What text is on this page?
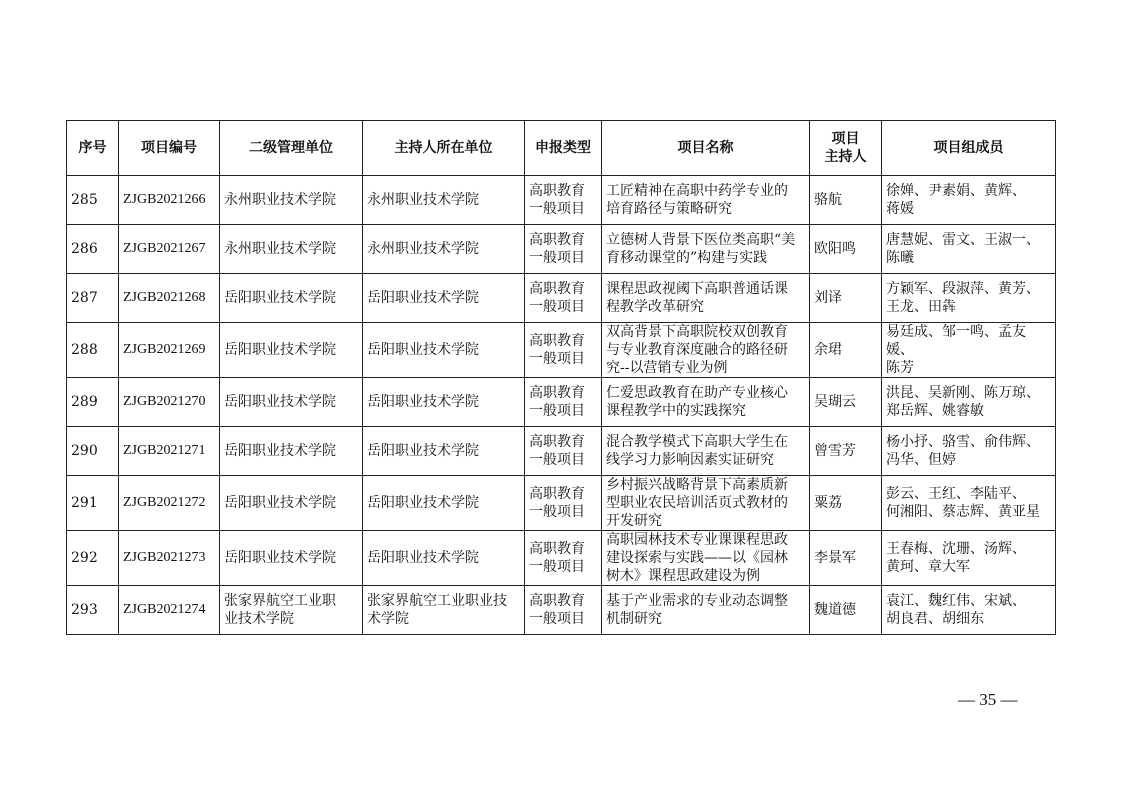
序号	项目编号	二级管理单位	主持人所在单位	申报类型	项目名称	项目
主持人	项目组成员
285	ZJGB2021266	永州职业技术学院	永州职业技术学院	高职教育
一般项目	工匠精神在高职中药学专业的
培育路径与策略研究	骆航	徐婵、尹素娟、黄辉、
蒋媛
286	ZJGB2021267	永州职业技术学院	永州职业技术学院	高职教育
一般项目	立德树人背景下医位类高职“美
育移动课堂的”构建与实践	欧阳鸣	唐慧妮、雷文、王淑一、
陈曦
287	ZJGB2021268	岳阳职业技术学院	岳阳职业技术学院	高职教育
一般项目	课程思政视阈下高职普通话课
程教学改革研究	刘译	方颖军、段淑萍、黄芳、
王龙、田犇
288	ZJGB2021269	岳阳职业技术学院	岳阳职业技术学院	高职教育
一般项目	双高背景下高职院校双创教育
与专业教育深度融合的路径研
究--以营销专业为例	余珺	易廷成、邹一鸣、孟友媛、
陈芳
289	ZJGB2021270	岳阳职业技术学院	岳阳职业技术学院	高职教育
一般项目	仁爱思政教育在助产专业核心
课程教学中的实践探究	吴瑚云	洪昆、吴新刚、陈万琼、
郑岳辉、姚睿敏
290	ZJGB2021271	岳阳职业技术学院	岳阳职业技术学院	高职教育
一般项目	混合教学模式下高职大学生在
线学习力影响因素实证研究	曾雪芳	杨小抒、骆雪、俞伟辉、
冯华、但婷
291	ZJGB2021272	岳阳职业技术学院	岳阳职业技术学院	高职教育
一般项目	乡村振兴战略背景下高素质新
型职业农民培训活页式教材的
开发研究	粟荔	彭云、王红、李陆平、
何湘阳、蔡志辉、黄亚星
292	ZJGB2021273	岳阳职业技术学院	岳阳职业技术学院	高职教育
一般项目	高职园林技术专业课课程思政
建设探索与实践——以《园林
树木》课程思政建设为例	李景军	王春梅、沈珊、汤辉、
黄珂、章大军
293	ZJGB2021274	张家界航空工业职
业技术学院	张家界航空工业职业技
术学院	高职教育
一般项目	基于产业需求的专业动态调整
机制研究	魏道德	袁江、魏红伟、宋斌、
胡良君、胡细东
— 35 —
